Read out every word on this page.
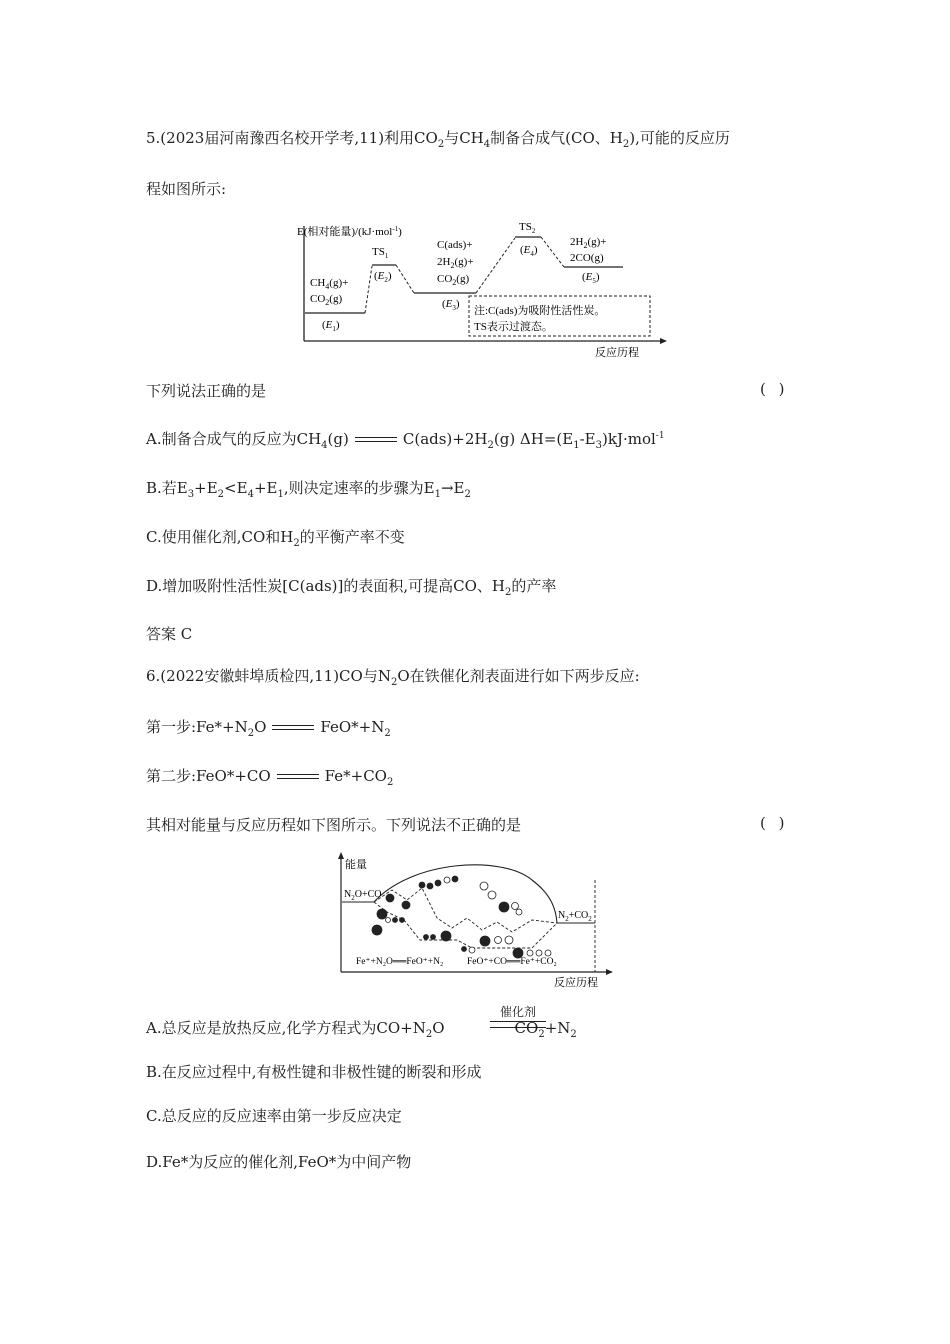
5.(2023届河南豫西名校开学考,11)利用$CO_2$与$CH_4$制备合成气(CO、$H_2$),可能的反应历
程如图所示:
E(相对能量)/(kJ·mol$^{-1}$)
$CH_4(g)+$
$CO_2(g)$
$(E_1)$
$TS_1$
$(E_2)$
C(ads)+
$2H_2(g)+$
$CO_2(g)$
$(E_3)$
$TS_2$
$(E_4)$
$2H_2(g)+$
2CO(g)
$(E_5)$
注:C(ads)为吸附性活性炭。
TS表示过渡态。
反应历程
下列说法正确的是	( )
A.制备合成气的反应为$CH_4(g)$	$C(ads)+2H_2(g)$ $\Delta H=(E_1-E_3)kJ\cdot mol^{-1}$
B.若$E_3+E_2<E_4+E_1$,则决定速率的步骤为$E_1\to E_2$
C.使用催化剂,CO和$H_2$的平衡产率不变
D.增加吸附性活性炭[C(ads)]的表面积,可提高CO、$H_2$的产率
答案 C
6.(2022安徽蚌埠质检四,11)CO与$N_2O$在铁催化剂表面进行如下两步反应:
第一步$:Fe*+N_2O$	$FeO*+N_2$
第二步:FeO*+CO	$Fe*+CO_2$
其相对能量与反应历程如下图所示。下列说法不正确的是	( )
能量
反应历程
$N_2O+CO$
$N_2+CO_2$
Fe⁺+N₂O══FeO⁺+N₂ FeO⁺+CO══Fe⁺+CO₂
A.总反应是放热反应,化学方程式为$CO+N_2O$	$CO_2+N_2$
催化剂
B.在反应过程中,有极性键和非极性键的断裂和形成
C.总反应的反应速率由第一步反应决定
D.Fe*为反应的催化剂,FeO*为中间产物
